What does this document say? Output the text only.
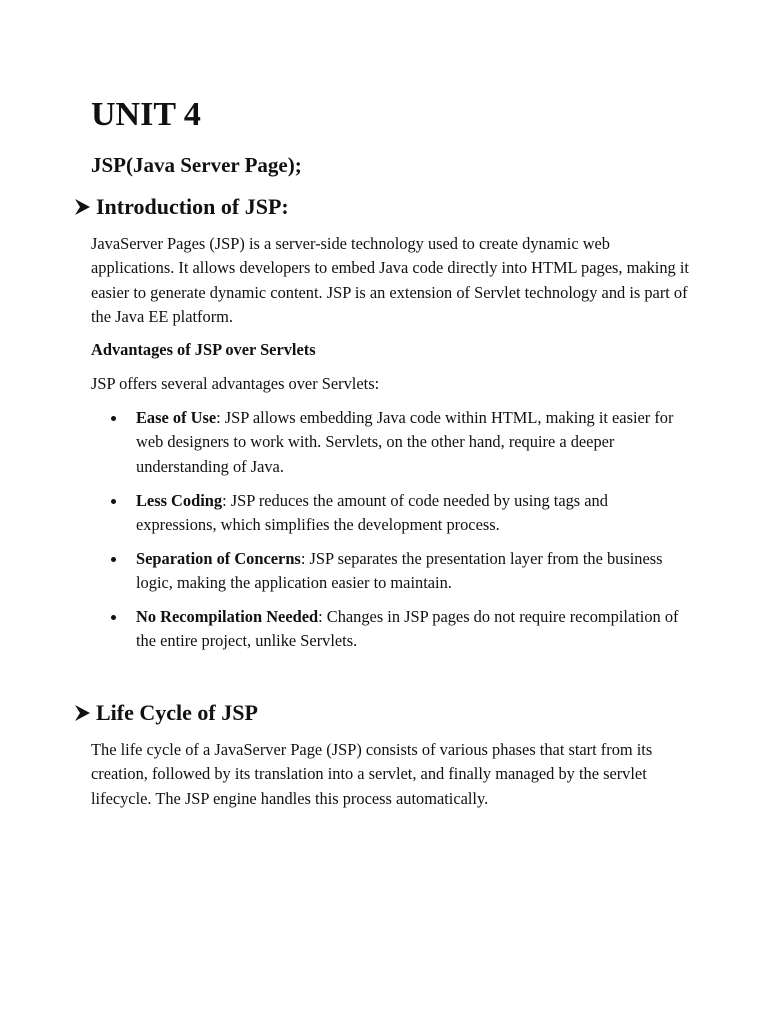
UNIT 4
JSP(Java Server Page);
Introduction of JSP:

JavaServer Pages (JSP) is a server-side technology used to create dynamic web applications. It allows developers to embed Java code directly into HTML pages, making it easier to generate dynamic content. JSP is an extension of Servlet technology and is part of the Java EE platform.

Advantages of JSP over Servlets

JSP offers several advantages over Servlets:

Ease of Use: JSP allows embedding Java code within HTML, making it easier for web designers to work with. Servlets, on the other hand, require a deeper understanding of Java.
Less Coding: JSP reduces the amount of code needed by using tags and expressions, which simplifies the development process.
Separation of Concerns: JSP separates the presentation layer from the business logic, making the application easier to maintain.
No Recompilation Needed: Changes in JSP pages do not require recompilation of the entire project, unlike Servlets.
Life Cycle of JSP

The life cycle of a JavaServer Page (JSP) consists of various phases that start from its creation, followed by its translation into a servlet, and finally managed by the servlet lifecycle. The JSP engine handles this process automatically.
